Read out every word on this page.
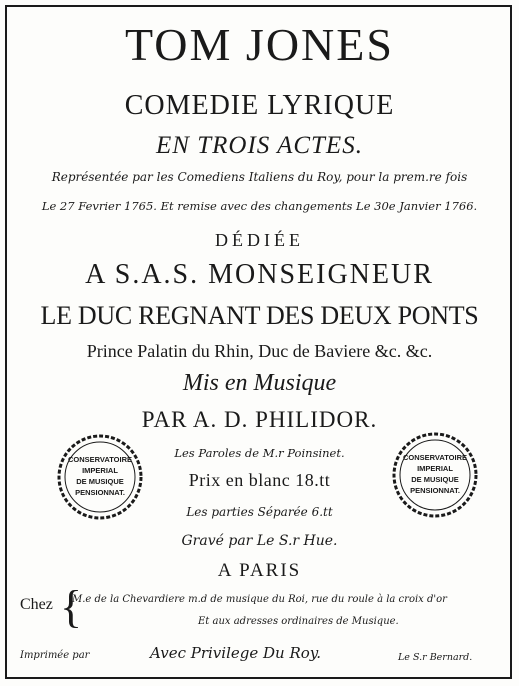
TOM JONES
COMEDIE LYRIQUE
EN TROIS ACTES.
Représentée par les Comediens Italiens du Roy, pour la prem.re fois
Le 27 Fevrier 1765. Et remise avec des changements Le 30e Janvier 1766.
DÉDIÉE
A S.A.S. MONSEIGNEUR
LE DUC REGNANT DES DEUX PONTS
Prince Palatin du Rhin, Duc de Baviere &c. &c.
Mis en Musique
PAR A. D. PHILIDOR.
Les Paroles de M.r Poinsinet.
Prix en blanc 18.tt
Les parties Séparée 6.tt
Gravé par Le S.r Hue.
A PARIS
Chez {
M.e de la Chevardiere m.d de musique du Roi, rue du roule à la croix d'or
Et aux adresses ordinaires de Musique.
Imprimée par	Avec Privilege Du Roy.	Le S.r Bernard.
CONSERVATOIRE
IMPERIAL
DE MUSIQUE
PENSIONNAT.
CONSERVATOIRE
IMPERIAL
DE MUSIQUE
PENSIONNAT.
